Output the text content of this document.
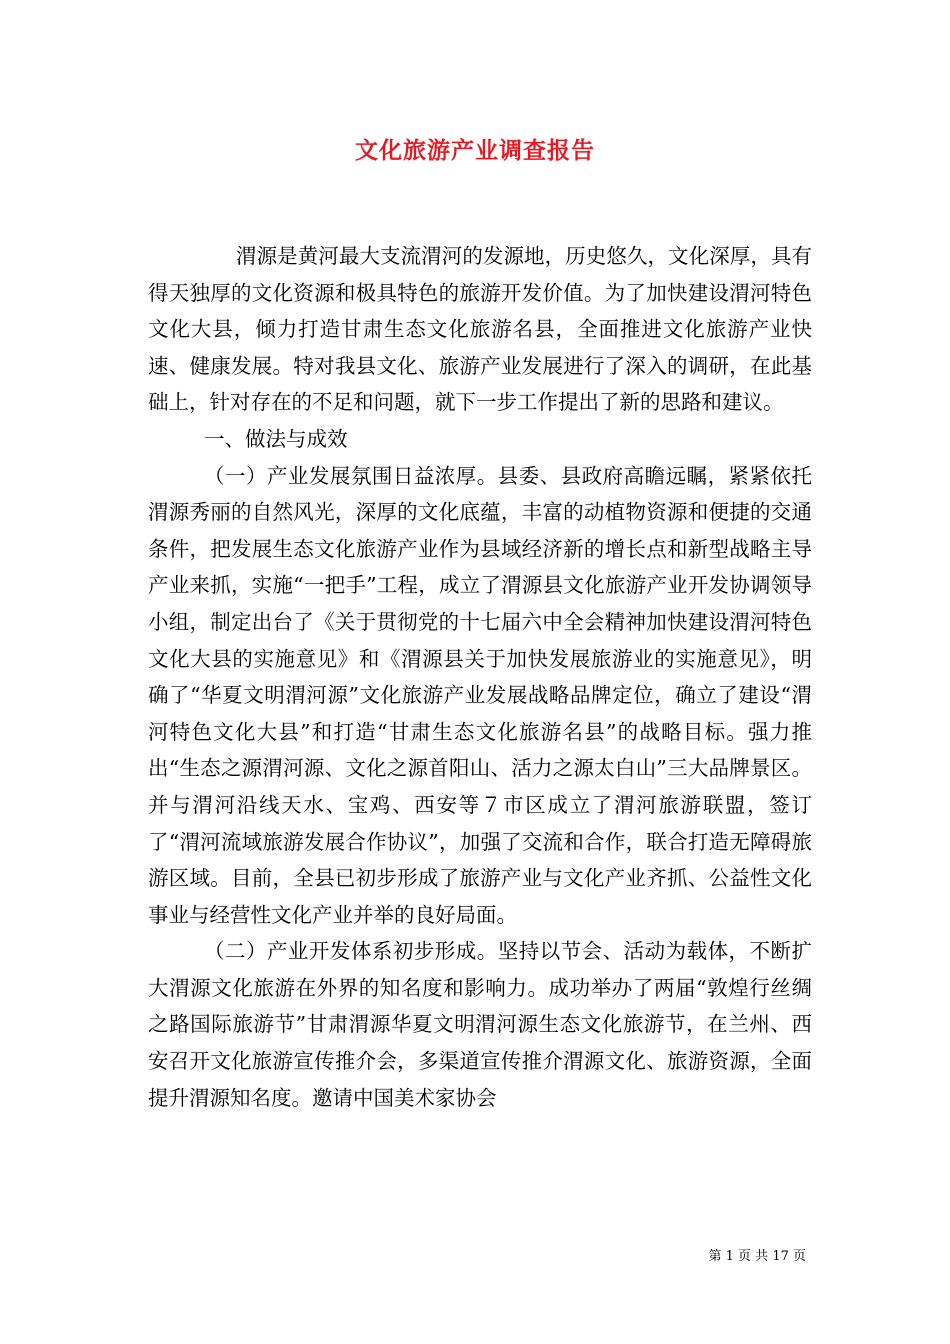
文化旅游产业调查报告

渭源是黄河最大支流渭河的发源地，历史悠久，文化深厚，具有得天独厚的文化资源和极具特色的旅游开发价值。为了加快建设渭河特色文化大县，倾力打造甘肃生态文化旅游名县，全面推进文化旅游产业快速、健康发展。特对我县文化、旅游产业发展进行了深入的调研，在此基础上，针对存在的不足和问题，就下一步工作提出了新的思路和建议。

一、做法与成效

（一）产业发展氛围日益浓厚。县委、县政府高瞻远瞩，紧紧依托渭源秀丽的自然风光，深厚的文化底蕴，丰富的动植物资源和便捷的交通条件，把发展生态文化旅游产业作为县域经济新的增长点和新型战略主导产业来抓，实施“一把手”工程，成立了渭源县文化旅游产业开发协调领导小组，制定出台了《关于贯彻党的十七届六中全会精神加快建设渭河特色文化大县的实施意见》和《渭源县关于加快发展旅游业的实施意见》，明确了“华夏文明渭河源”文化旅游产业发展战略品牌定位，确立了建设“渭河特色文化大县”和打造“甘肃生态文化旅游名县”的战略目标。强力推出“生态之源渭河源、文化之源首阳山、活力之源太白山”三大品牌景区。并与渭河沿线天水、宝鸡、西安等７市区成立了渭河旅游联盟，签订了“渭河流域旅游发展合作协议”，加强了交流和合作，联合打造无障碍旅游区域。目前，全县已初步形成了旅游产业与文化产业齐抓、公益性文化事业与经营性文化产业并举的良好局面。

（二）产业开发体系初步形成。坚持以节会、活动为载体，不断扩大渭源文化旅游在外界的知名度和影响力。成功举办了两届“敦煌行丝绸之路国际旅游节”甘肃渭源华夏文明渭河源生态文化旅游节，在兰州、西安召开文化旅游宣传推介会，多渠道宣传推介渭源文化、旅游资源，全面提升渭源知名度。邀请中国美术家协会

第 1 页 共 17 页
